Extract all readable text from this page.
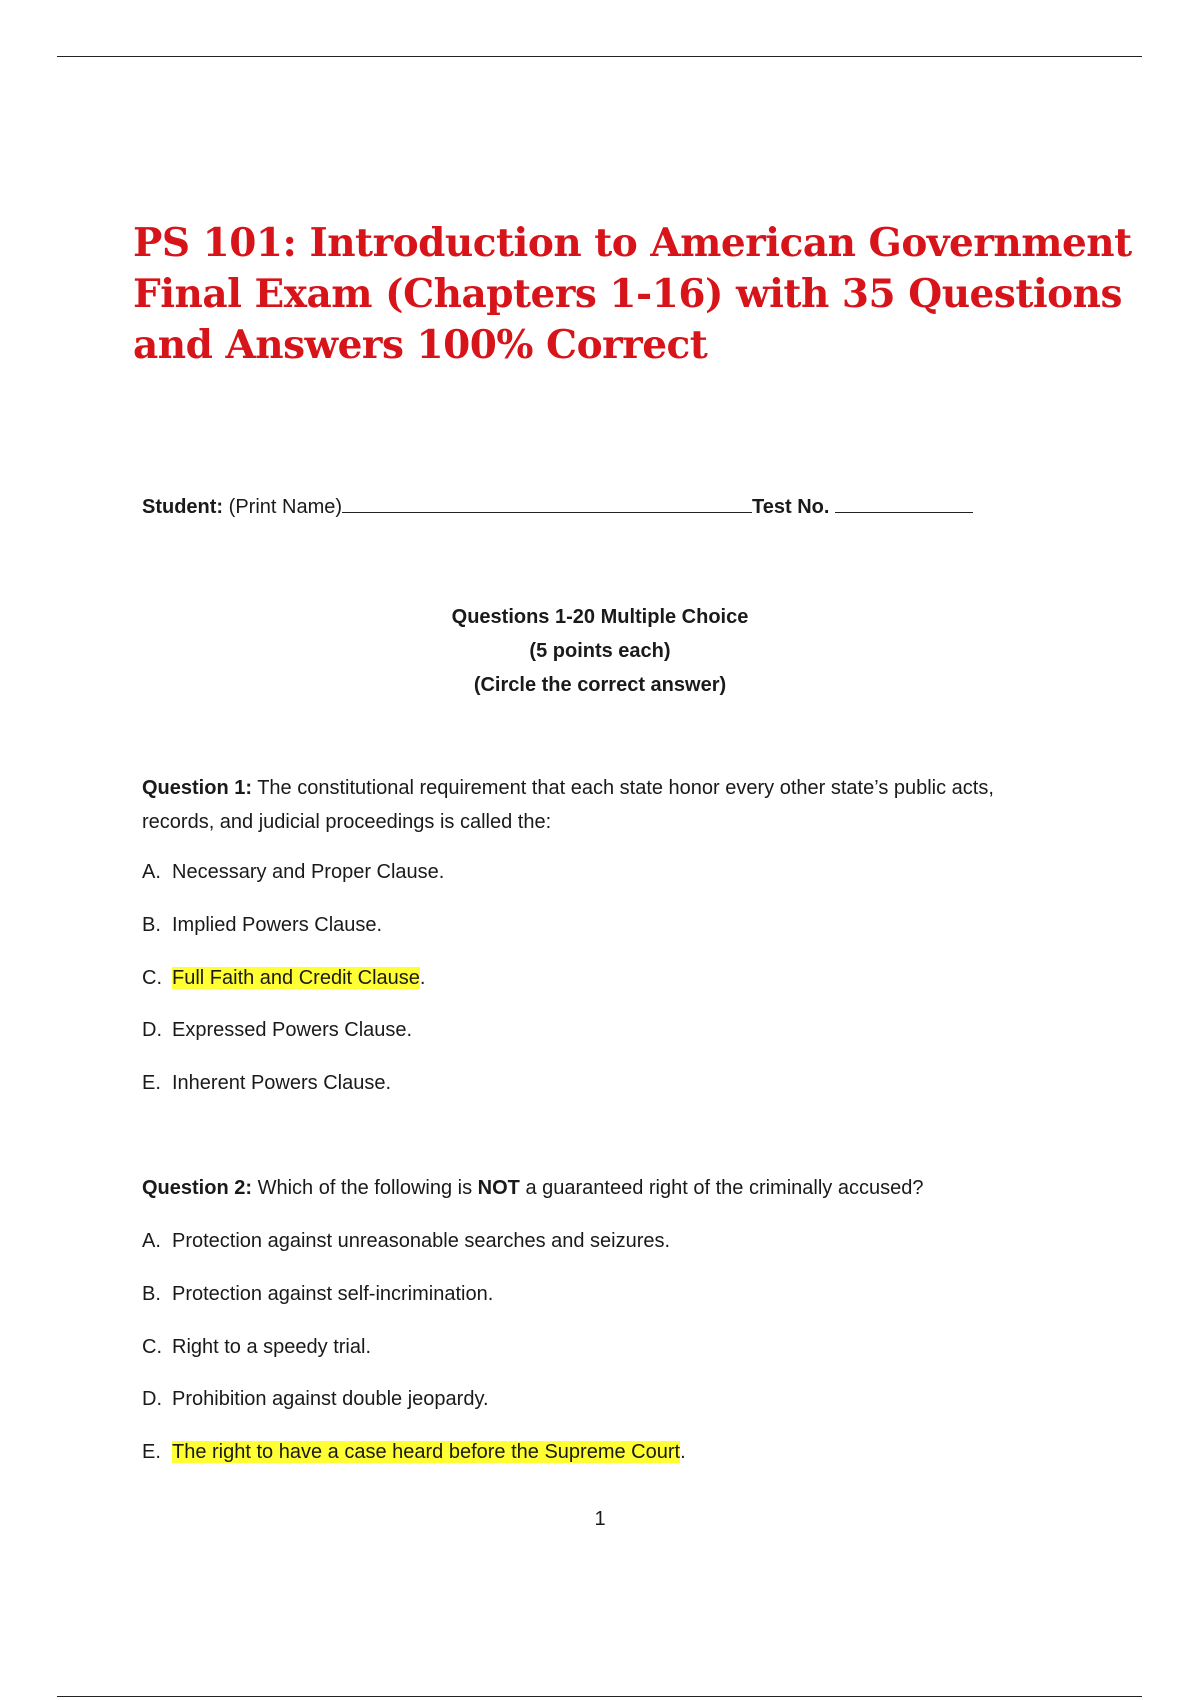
PS 101: Introduction to American Government
Final Exam (Chapters 1-16) with 35 Questions
and Answers 100% Correct
Student: (Print Name)	Test No.
Questions 1-20 Multiple Choice
(5 points each)
(Circle the correct answer)

Question 1: The constitutional requirement that each state honor every other state’s public acts, records, and judicial proceedings is called the:

A. Necessary and Proper Clause.
B. Implied Powers Clause.
C. Full Faith and Credit Clause.
D. Expressed Powers Clause.
E. Inherent Powers Clause.

Question 2: Which of the following is NOT a guaranteed right of the criminally accused?

A. Protection against unreasonable searches and seizures.
B. Protection against self-incrimination.
C. Right to a speedy trial.
D. Prohibition against double jeopardy.
E. The right to have a case heard before the Supreme Court.
1
